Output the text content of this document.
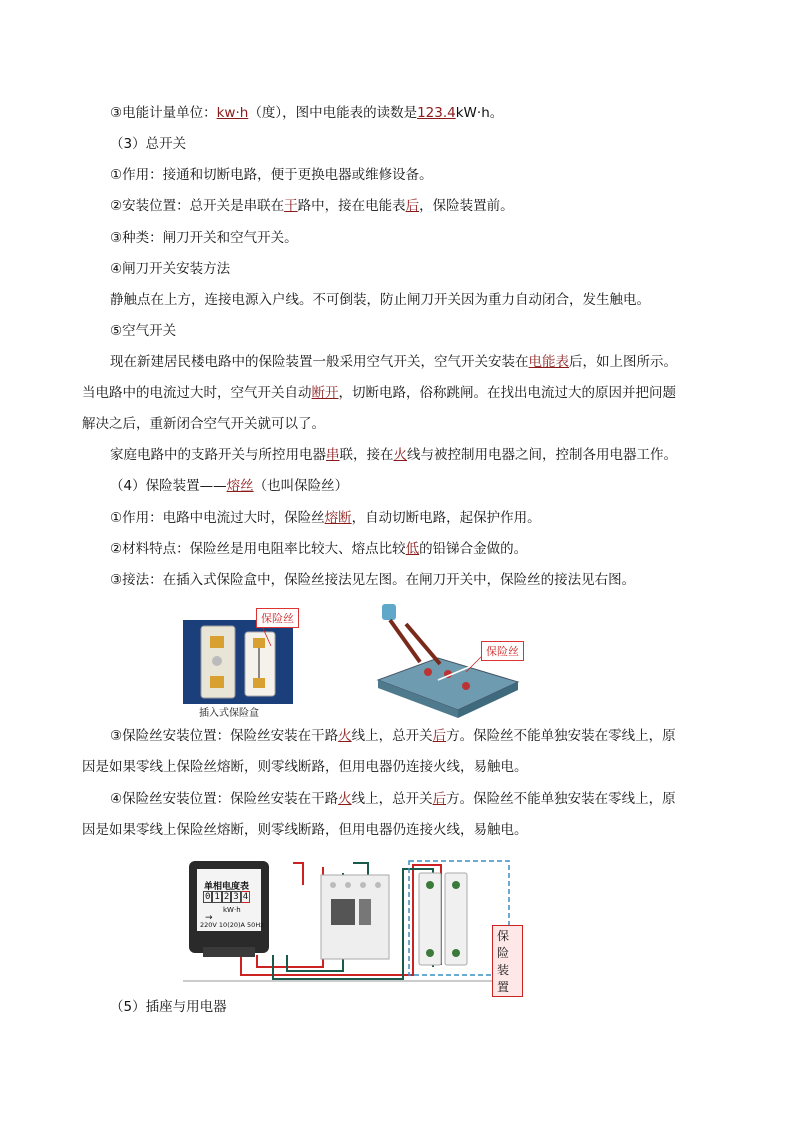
③电能计量单位：kw·h（度），图中电能表的读数是123.4kW·h。
（3）总开关
①作用：接通和切断电路，便于更换电器或维修设备。
②安装位置：总开关是串联在干路中，接在电能表后，保险装置前。
③种类：闸刀开关和空气开关。
④闸刀开关安装方法
静触点在上方，连接电源入户线。不可倒装，防止闸刀开关因为重力自动闭合，发生触电。
⑤空气开关
现在新建居民楼电路中的保险装置一般采用空气开关，空气开关安装在电能表后，如上图所示。
当电路中的电流过大时，空气开关自动断开，切断电路，俗称跳闸。在找出电流过大的原因并把问题
解决之后，重新闭合空气开关就可以了。
家庭电路中的支路开关与所控用电器串联，接在火线与被控制用电器之间，控制各用电器工作。
（4）保险装置——熔丝（也叫保险丝）
①作用：电路中电流过大时，保险丝熔断，自动切断电路，起保护作用。
②材料特点：保险丝是用电阻率比较大、熔点比较低的铅锑合金做的。
③接法：在插入式保险盒中，保险丝接法见左图。在闸刀开关中，保险丝的接法见右图。
保险丝
插入式保险盒
保险丝
③保险丝安装位置：保险丝安装在干路火线上，总开关后方。保险丝不能单独安装在零线上，原
因是如果零线上保险丝熔断，则零线断路，但用电器仍连接火线，易触电。
④保险丝安装位置：保险丝安装在干路火线上，总开关后方。保险丝不能单独安装在零线上，原
因是如果零线上保险丝熔断，则零线断路，但用电器仍连接火线，易触电。
单相电度表
0 1 2 3 4
kW·h
→
220V 10(20)A 50Hz
保险装置
（5）插座与用电器
